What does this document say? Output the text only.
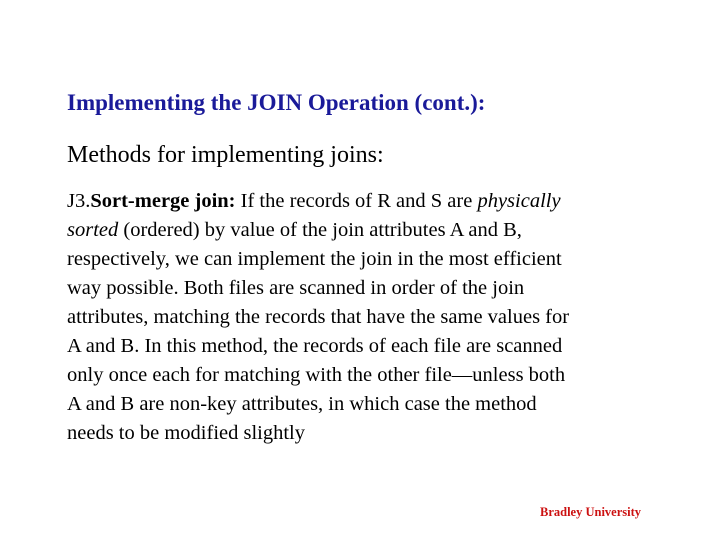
Implementing the JOIN Operation (cont.):
Methods for implementing joins:
J3.Sort-merge join: If the records of R and S are physically
sorted (ordered) by value of the join attributes A and B,
respectively, we can implement the join in the most efficient
way possible. Both files are scanned in order of the join
attributes, matching the records that have the same values for
A and B. In this method, the records of each file are scanned
only once each for matching with the other file—unless both
A and B are non-key attributes, in which case the method
needs to be modified slightly
Bradley University
